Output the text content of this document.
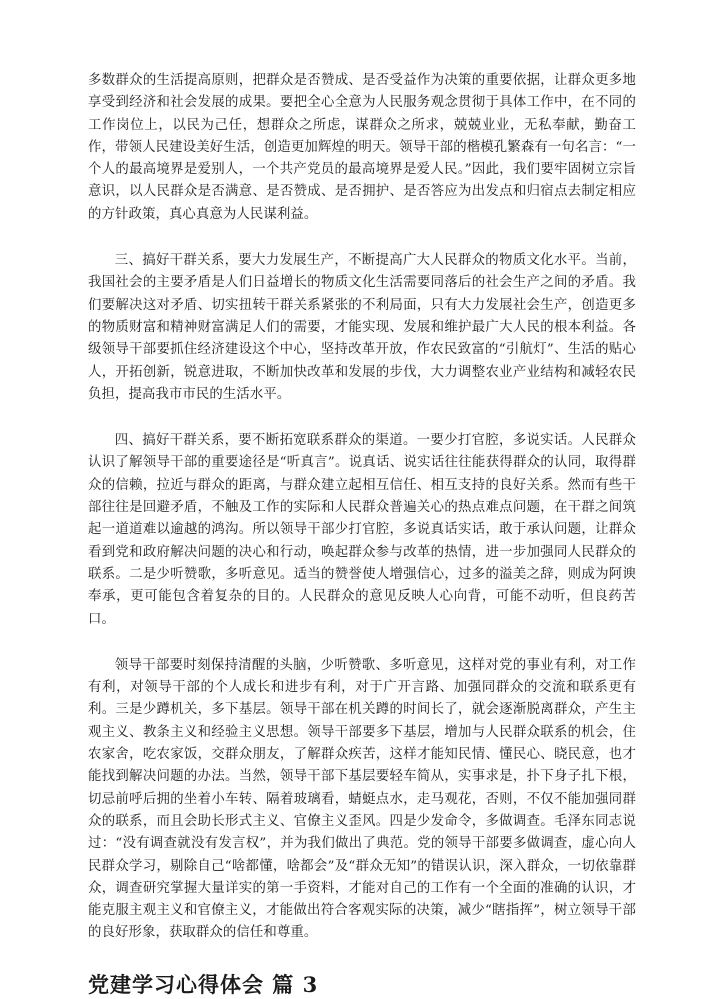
多数群众的生活提高原则，把群众是否赞成、是否受益作为决策的重要依据，让群众更多地享受到经济和社会发展的成果。要把全心全意为人民服务观念贯彻于具体工作中，在不同的工作岗位上，以民为己任，想群众之所虑，谋群众之所求，兢兢业业，无私奉献，勤奋工作，带领人民建设美好生活，创造更加辉煌的明天。领导干部的楷模孔繁森有一句名言：“一个人的最高境界是爱别人，一个共产党员的最高境界是爱人民。”因此，我们要牢固树立宗旨意识，以人民群众是否满意、是否赞成、是否拥护、是否答应为出发点和归宿点去制定相应的方针政策，真心真意为人民谋利益。

三、搞好干群关系，要大力发展生产，不断提高广大人民群众的物质文化水平。当前，我国社会的主要矛盾是人们日益增长的物质文化生活需要同落后的社会生产之间的矛盾。我们要解决这对矛盾、切实扭转干群关系紧张的不利局面，只有大力发展社会生产，创造更多的物质财富和精神财富满足人们的需要，才能实现、发展和维护最广大人民的根本利益。各级领导干部要抓住经济建设这个中心，坚持改革开放，作农民致富的“引航灯”、生活的贴心人，开拓创新，锐意进取，不断加快改革和发展的步伐，大力调整农业产业结构和减轻农民负担，提高我市市民的生活水平。

四、搞好干群关系，要不断拓宽联系群众的渠道。一要少打官腔，多说实话。人民群众认识了解领导干部的重要途径是“听真言”。说真话、说实话往往能获得群众的认同，取得群众的信赖，拉近与群众的距离，与群众建立起相互信任、相互支持的良好关系。然而有些干部往往是回避矛盾，不触及工作的实际和人民群众普遍关心的热点难点问题，在干群之间筑起一道道难以逾越的鸿沟。所以领导干部少打官腔，多说真话实话，敢于承认问题，让群众看到党和政府解决问题的决心和行动，唤起群众参与改革的热情，进一步加强同人民群众的联系。二是少听赞歌，多听意见。适当的赞誉使人增强信心，过多的溢美之辞，则成为阿谀奉承，更可能包含着复杂的目的。人民群众的意见反映人心向背，可能不动听，但良药苦口。

领导干部要时刻保持清醒的头脑，少听赞歌、多听意见，这样对党的事业有利，对工作有利，对领导干部的个人成长和进步有利，对于广开言路、加强同群众的交流和联系更有利。三是少蹲机关，多下基层。领导干部在机关蹲的时间长了，就会逐渐脱离群众，产生主观主义、教条主义和经验主义思想。领导干部要多下基层，增加与人民群众联系的机会，住农家舍，吃农家饭，交群众朋友，了解群众疾苦，这样才能知民情、懂民心、晓民意，也才能找到解决问题的办法。当然，领导干部下基层要轻车简从，实事求是，扑下身子扎下根，切忌前呼后拥的坐着小车转、隔着玻璃看，蜻蜓点水，走马观花，否则，不仅不能加强同群众的联系，而且会助长形式主义、官僚主义歪风。四是少发命令，多做调查。毛泽东同志说过：“没有调查就没有发言权”，并为我们做出了典范。党的领导干部要多做调查，虚心向人民群众学习，剔除自己“啥都懂，啥都会”及“群众无知”的错误认识，深入群众，一切依靠群众，调查研究掌握大量详实的第一手资料，才能对自己的工作有一个全面的准确的认识，才能克服主观主义和官僚主义，才能做出符合客观实际的决策，减少“瞎指挥”，树立领导干部的良好形象，获取群众的信任和尊重。

党建学习心得体会 篇 3
